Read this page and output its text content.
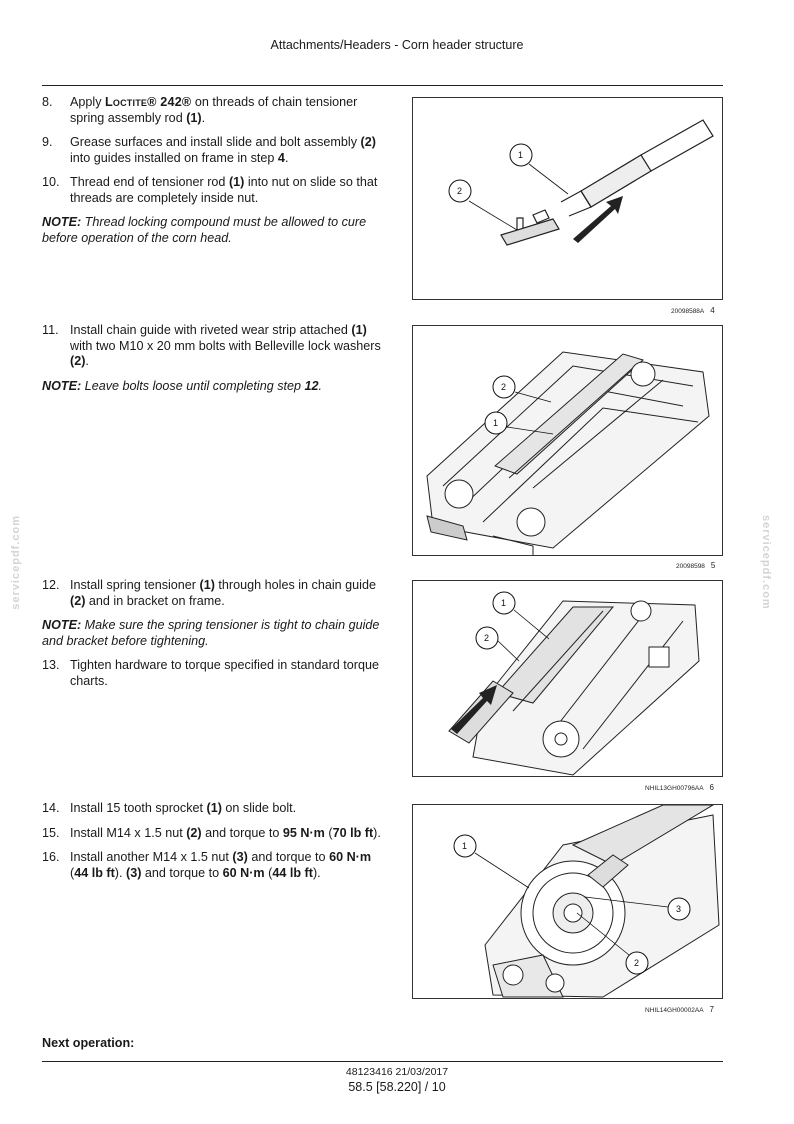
Attachments/Headers - Corn header structure
servicepdf.com	servicepdf.com
8. Apply Loctite® 242® on threads of chain tensioner spring assembly rod (1).
9. Grease surfaces and install slide and bolt assembly (2) into guides installed on frame in step 4.
10. Thread end of tensioner rod (1) into nut on slide so that threads are completely inside nut.
NOTE: Thread locking compound must be allowed to cure before operation of the corn head.
1
2
20098588A 4
11. Install chain guide with riveted wear strip attached (1) with two M10 x 20 mm bolts with Belleville lock washers (2).
NOTE: Leave bolts loose until completing step 12.	2
1
20098598 5
12. Install spring tensioner (1) through holes in chain guide (2) and in bracket on frame.
NOTE: Make sure the spring tensioner is tight to chain guide and bracket before tightening.
13. Tighten hardware to torque specified in standard torque charts.
1
2
NHIL13GH00796AA 6
14. Install 15 tooth sprocket (1) on slide bolt.
15. Install M14 x 1.5 nut (2) and torque to 95 N·m (70 lb ft).
16. Install another M14 x 1.5 nut (3) and torque to 60 N·m (44 lb ft). (3) and torque to 60 N·m (44 lb ft).
1
3
2
NHIL14GH00002AA 7
Next operation:
48123416 21/03/2017
58.5 [58.220] / 10
